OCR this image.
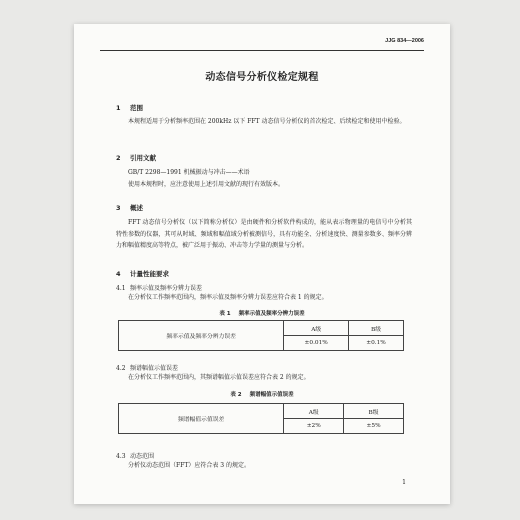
JJG 834—2006
动态信号分析仪检定规程
1 范围
本规程适用于分析频率范围在 200kHz 以下 FFT 动态信号分析仪的首次检定、后续检定和使用中检验。
2 引用文献
GB/T 2298—1991 机械振动与冲击——术语
使用本规程时，应注意使用上述引用文献的现行有效版本。
3 概述
FFT 动态信号分析仪（以下简称分析仪）是由硬件和分析软件构成的，能从表示物理量的电信号中分析其特性参数的仪器，其可从时域、频域和幅值域分析被测信号，具有功能全、分析速度快、测量参数多、频率分辨力和幅值精度高等特点，被广泛用于振动、冲击等力学量的测量与分析。
4 计量性能要求
4.1 频率示值及频率分辨力误差
在分析仪工作频率范围内，频率示值及频率分辨力误差应符合表 1 的规定。
表 1 频率示值及频率分辨力误差
频率示值及频率分辨力误差	A级	B级
	±0.01%	±0.1%
4.2 频谱幅值示值误差
在分析仪工作频率范围内，其频谱幅值示值误差应符合表 2 的规定。
表 2 频谱幅值示值误差
频谱幅值示值误差	A级	B级
	±2%	±5%
4.3 动态范围
分析仪动态范围（FFT）应符合表 3 的规定。
1
